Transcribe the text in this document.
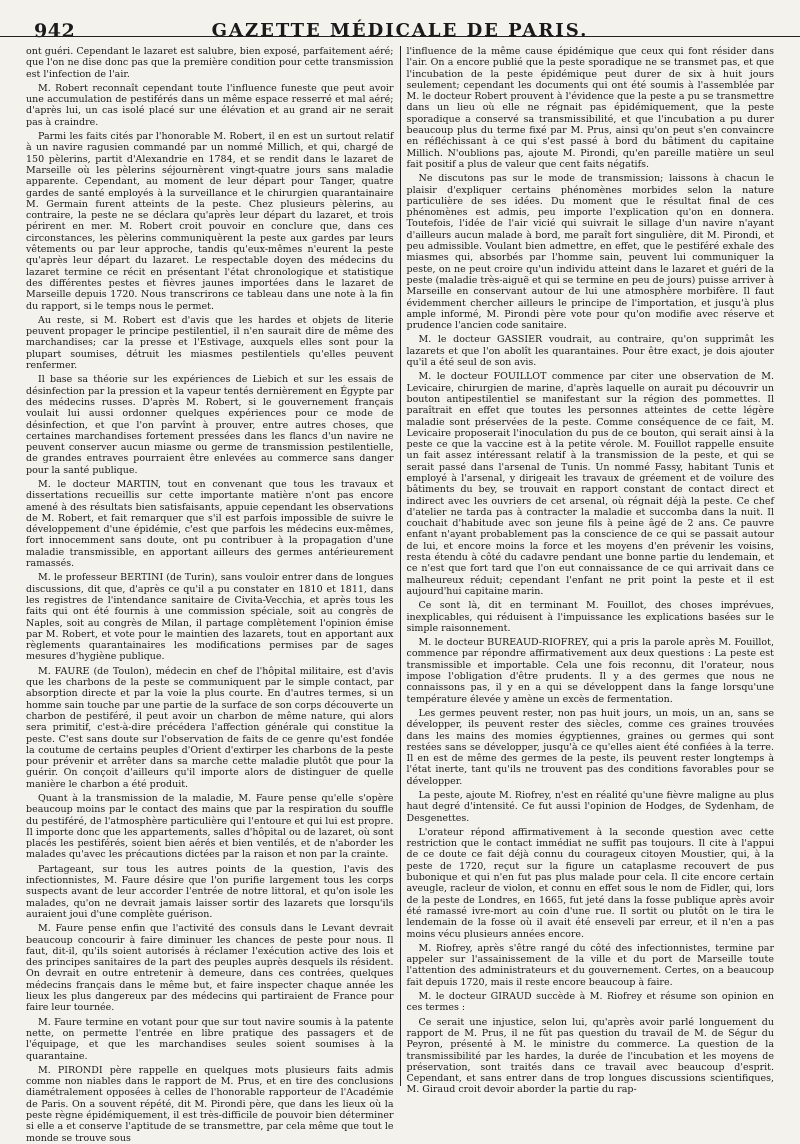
942	GAZETTE MÉDICALE DE PARIS.

ont guéri. Cependant le lazaret est salubre, bien exposé, parfaitement aéré; que l'on ne dise donc pas que la première condition pour cette transmission est l'infection de l'air.

M. Robert reconnaît cependant toute l'influence funeste que peut avoir une accumulation de pestiférés dans un même espace resserré et mal aéré; d'après lui, un cas isolé placé sur une élévation et au grand air ne serait pas à craindre.

Parmi les faits cités par l'honorable M. Robert, il en est un surtout relatif à un navire ragusien commandé par un nommé Millich, et qui, chargé de 150 pèlerins, partit d'Alexandrie en 1784, et se rendit dans le lazaret de Marseille où les pèlerins séjournèrent vingt-quatre jours sans maladie apparente. Cependant, au moment de leur départ pour Tanger, quatre gardes de santé employés à la surveillance et le chirurgien quarantainaire M. Germain furent atteints de la peste. Chez plusieurs pèlerins, au contraire, la peste ne se déclara qu'après leur départ du lazaret, et trois périrent en mer. M. Robert croit pouvoir en conclure que, dans ces circonstances, les pèlerins communiquèrent la peste aux gardes par leurs vêtements ou par leur approche, tandis qu'eux-mêmes n'eurent la peste qu'après leur départ du lazaret. Le respectable doyen des médecins du lazaret termine ce récit en présentant l'état chronologique et statistique des différentes pestes et fièvres jaunes importées dans le lazaret de Marseille depuis 1720. Nous transcrirons ce tableau dans une note à la fin du rapport, si le temps nous le permet.

Au reste, si M. Robert est d'avis que les hardes et objets de literie peuvent propager le principe pestilentiel, il n'en saurait dire de même des marchandises; car la presse et l'Estivage, auxquels elles sont pour la plupart soumises, détruit les miasmes pestilentiels qu'elles peuvent renfermer.

Il base sa théorie sur les expériences de Liebich et sur les essais de désinfection par la pression et la vapeur tentés dernièrement en Égypte par des médecins russes. D'après M. Robert, si le gouvernement français voulait lui aussi ordonner quelques expériences pour ce mode de désinfection, et que l'on parvînt à prouver, entre autres choses, que certaines marchandises fortement pressées dans les flancs d'un navire ne peuvent conserver aucun miasme ou germe de transmission pestilentielle, de grandes entraves pourraient être enlevées au commerce sans danger pour la santé publique.

M. le docteur MARTIN, tout en convenant que tous les travaux et dissertations recueillis sur cette importante matière n'ont pas encore amené à des résultats bien satisfaisants, appuie cependant les observations de M. Robert, et fait remarquer que s'il est parfois impossible de suivre le développement d'une épidémie, c'est que parfois les médecins eux-mêmes, fort innocemment sans doute, ont pu contribuer à la propagation d'une maladie transmissible, en apportant ailleurs des germes antérieurement ramassés.

M. le professeur BERTINI (de Turin), sans vouloir entrer dans de longues discussions, dit que, d'après ce qu'il a pu constater en 1810 et 1811, dans les registres de l'intendance sanitaire de Civita-Vecchia, et après tous les faits qui ont été fournis à une commission spéciale, soit au congrès de Naples, soit au congrès de Milan, il partage complètement l'opinion émise par M. Robert, et vote pour le maintien des lazarets, tout en apportant aux règlements quarantainaires les modifications permises par de sages mesures d'hygiène publique.

M. FAURE (de Toulon), médecin en chef de l'hôpital militaire, est d'avis que les charbons de la peste se communiquent par le simple contact, par absorption directe et par la voie la plus courte. En d'autres termes, si un homme sain touche par une partie de la surface de son corps découverte un charbon de pestiféré, il peut avoir un charbon de même nature, qui alors sera primitif, c'est-à-dire précédera l'affection générale qui constitue la peste. C'est sans doute sur l'observation de faits de ce genre qu'est fondée la coutume de certains peuples d'Orient d'extirper les charbons de la peste pour prévenir et arrêter dans sa marche cette maladie plutôt que pour la guérir. On conçoit d'ailleurs qu'il importe alors de distinguer de quelle manière le charbon a été produit.

Quant à la transmission de la maladie, M. Faure pense qu'elle s'opère beaucoup moins par le contact des mains que par la respiration du souffle du pestiféré, de l'atmosphère particulière qui l'entoure et qui lui est propre. Il importe donc que les appartements, salles d'hôpital ou de lazaret, où sont placés les pestiférés, soient bien aérés et bien ventilés, et de n'aborder les malades qu'avec les précautions dictées par la raison et non par la crainte.

Partageant, sur tous les autres points de la question, l'avis des infectionnistes, M. Faure désire que l'on purifie largement tous les corps suspects avant de leur accorder l'entrée de notre littoral, et qu'on isole les malades, qu'on ne devrait jamais laisser sortir des lazarets que lorsqu'ils auraient joui d'une complète guérison.

M. Faure pense enfin que l'activité des consuls dans le Levant devrait beaucoup concourir à faire diminuer les chances de peste pour nous. Il faut, dit-il, qu'ils soient autorisés à réclamer l'exécution active des lois et des principes sanitaires de la part des peuples auprès desquels ils résident. On devrait en outre entretenir à demeure, dans ces contrées, quelques médecins français dans le même but, et faire inspecter chaque année les lieux les plus dangereux par des médecins qui partiraient de France pour faire leur tournée.

M. Faure termine en votant pour que sur tout navire soumis à la patente nette, on permette l'entrée en libre pratique des passagers et de l'équipage, et que les marchandises seules soient soumises à la quarantaine.

M. PIRONDI père rappelle en quelques mots plusieurs faits admis comme non niables dans le rapport de M. Prus, et en tire des conclusions diamétralement opposées à celles de l'honorable rapporteur de l'Académie de Paris. On a souvent répété, dit M. Pirondi père, que dans les lieux où la peste règne épidémiquement, il est très-difficile de pouvoir bien déterminer si elle a et conserve l'aptitude de se transmettre, par cela même que tout le monde se trouve sous

l'influence de la même cause épidémique que ceux qui font résider dans l'air. On a encore publié que la peste sporadique ne se transmet pas, et que l'incubation de la peste épidémique peut durer de six à huit jours seulement; cependant les documents qui ont été soumis à l'assemblée par M. le docteur Robert prouvent à l'évidence que la peste a pu se transmettre dans un lieu où elle ne régnait pas épidémiquement, que la peste sporadique a conservé sa transmissibilité, et que l'incubation a pu durer beaucoup plus du terme fixé par M. Prus, ainsi qu'on peut s'en convaincre en réfléchissant à ce qui s'est passé à bord du bâtiment du capitaine Millich. N'oublions pas, ajoute M. Pirondi, qu'en pareille matière un seul fait positif a plus de valeur que cent faits négatifs.

Ne discutons pas sur le mode de transmission; laissons à chacun le plaisir d'expliquer certains phénomènes morbides selon la nature particulière de ses idées. Du moment que le résultat final de ces phénomènes est admis, peu importe l'explication qu'on en donnera. Toutefois, l'idée de l'air vicié qui suivrait le sillage d'un navire n'ayant d'ailleurs aucun malade à bord, me paraît fort singulière, dit M. Pirondi, et peu admissible. Voulant bien admettre, en effet, que le pestiféré exhale des miasmes qui, absorbés par l'homme sain, peuvent lui communiquer la peste, on ne peut croire qu'un individu atteint dans le lazaret et guéri de la peste (maladie très-aiguë et qui se termine en peu de jours) puisse arriver à Marseille en conservant autour de lui une atmosphère morbifère. Il faut évidemment chercher ailleurs le principe de l'importation, et jusqu'à plus ample informé, M. Pirondi père vote pour qu'on modifie avec réserve et prudence l'ancien code sanitaire.

M. le docteur GASSIER voudrait, au contraire, qu'on supprimât les lazarets et que l'on abolît les quarantaines. Pour être exact, je dois ajouter qu'il a été seul de son avis.

M. le docteur FOUILLOT commence par citer une observation de M. Levicaire, chirurgien de marine, d'après laquelle on aurait pu découvrir un bouton antipestilentiel se manifestant sur la région des pommettes. Il paraîtrait en effet que toutes les personnes atteintes de cette légère maladie sont préservées de la peste. Comme conséquence de ce fait, M. Levicaire proposerait l'inoculation du pus de ce bouton, qui serait ainsi à la peste ce que la vaccine est à la petite vérole. M. Fouillot rappelle ensuite un fait assez intéressant relatif à la transmission de la peste, et qui se serait passé dans l'arsenal de Tunis. Un nommé Fassy, habitant Tunis et employé à l'arsenal, y dirigeait les travaux de gréement et de voilure des bâtiments du bey, se trouvait en rapport constant de contact direct et indirect avec les ouvriers de cet arsenal, où régnait déjà la peste. Ce chef d'atelier ne tarda pas à contracter la maladie et succomba dans la nuit. Il couchait d'habitude avec son jeune fils à peine âgé de 2 ans. Ce pauvre enfant n'ayant probablement pas la conscience de ce qui se passait autour de lui, et encore moins la force et les moyens d'en prévenir les voisins, resta étendu à côté du cadavre pendant une bonne partie du lendemain, et ce n'est que fort tard que l'on eut connaissance de ce qui arrivait dans ce malheureux réduit; cependant l'enfant ne prit point la peste et il est aujourd'hui capitaine marin.

Ce sont là, dit en terminant M. Fouillot, des choses imprévues, inexplicables, qui réduisent à l'impuissance les explications basées sur le simple raisonnement.

M. le docteur BUREAUD-RIOFREY, qui a pris la parole après M. Fouillot, commence par répondre affirmativement aux deux questions : La peste est transmissible et importable. Cela une fois reconnu, dit l'orateur, nous impose l'obligation d'être prudents. Il y a des germes que nous ne connaissons pas, il y en a qui se développent dans la fange lorsqu'une température élevée y amène un excès de fermentation.

Les germes peuvent rester, non pas huit jours, un mois, un an, sans se développer, ils peuvent rester des siècles, comme ces graines trouvées dans les mains des momies égyptiennes, graines ou germes qui sont restées sans se développer, jusqu'à ce qu'elles aient été confiées à la terre. Il en est de même des germes de la peste, ils peuvent rester longtemps à l'état inerte, tant qu'ils ne trouvent pas des conditions favorables pour se développer.

La peste, ajoute M. Riofrey, n'est en réalité qu'une fièvre maligne au plus haut degré d'intensité. Ce fut aussi l'opinion de Hodges, de Sydenham, de Desgenettes.

L'orateur répond affirmativement à la seconde question avec cette restriction que le contact immédiat ne suffit pas toujours. Il cite à l'appui de ce doute ce fait déjà connu du courageux citoyen Moustier, qui, à la peste de 1720, reçut sur la figure un cataplasme recouvert de pus bubonique et qui n'en fut pas plus malade pour cela. Il cite encore certain aveugle, racleur de violon, et connu en effet sous le nom de Fidler, qui, lors de la peste de Londres, en 1665, fut jeté dans la fosse publique après avoir été ramassé ivre-mort au coin d'une rue. Il sortit ou plutôt on le tira le lendemain de la fosse où il avait été enseveli par erreur, et il n'en a pas moins vécu plusieurs années encore.

M. Riofrey, après s'être rangé du côté des infectionnistes, termine par appeler sur l'assainissement de la ville et du port de Marseille toute l'attention des administrateurs et du gouvernement. Certes, on a beaucoup fait depuis 1720, mais il reste encore beaucoup à faire.

M. le docteur GIRAUD succède à M. Riofrey et résume son opinion en ces termes :

Ce serait une injustice, selon lui, qu'après avoir parlé longuement du rapport de M. Prus, il ne fût pas question du travail de M. de Ségur du Peyron, présenté à M. le ministre du commerce. La question de la transmissibilité par les hardes, la durée de l'incubation et les moyens de préservation, sont traités dans ce travail avec beaucoup d'esprit. Cependant, et sans entrer dans de trop longues discussions scientifiques, M. Giraud croit devoir aborder la partie du rap-
